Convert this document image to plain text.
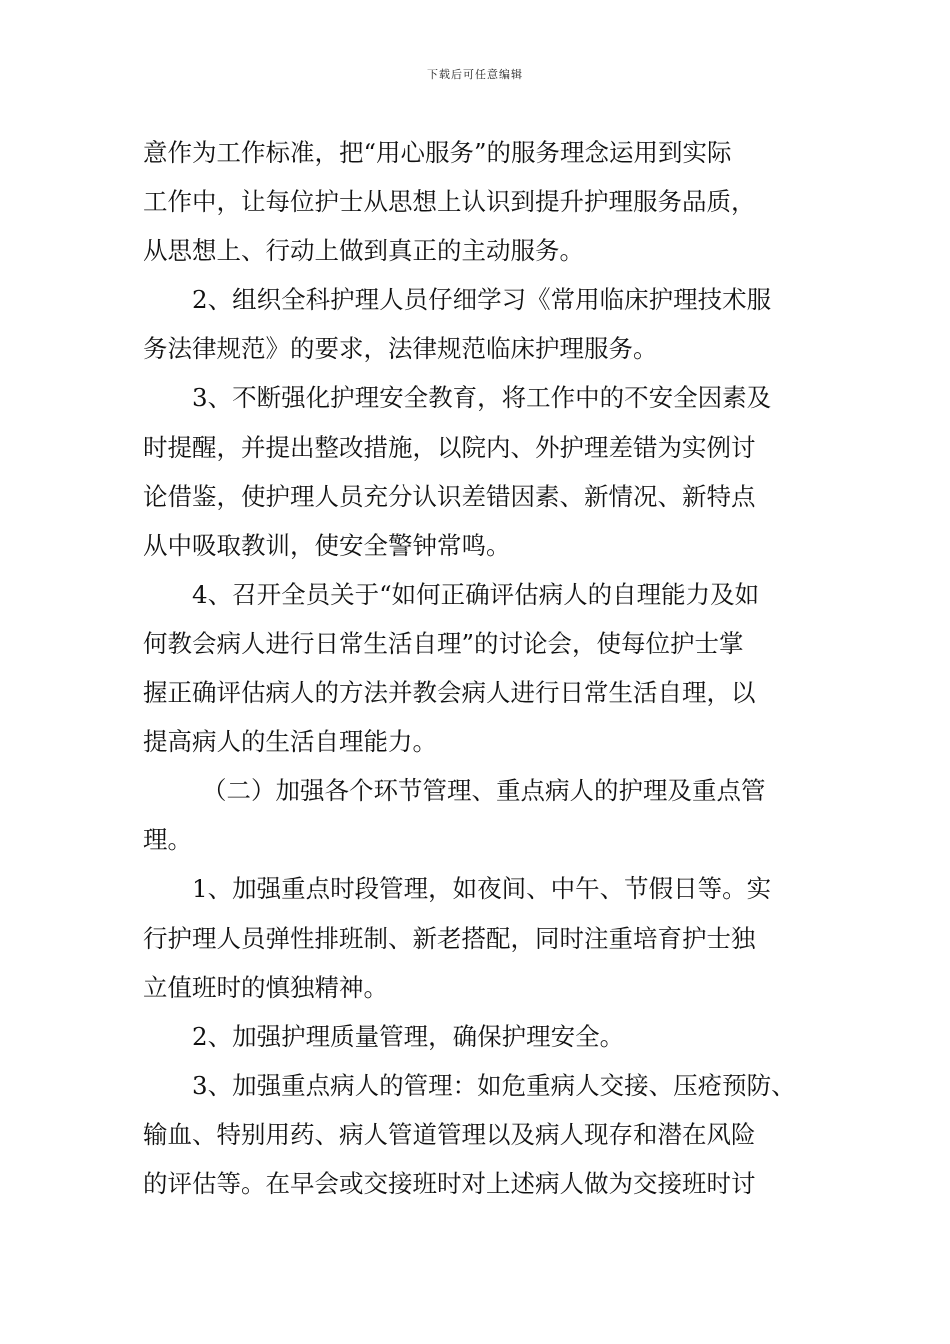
下载后可任意编辑
意作为工作标准，把“用心服务”的服务理念运用到实际
工作中，让每位护士从思想上认识到提升护理服务品质，
从思想上、行动上做到真正的主动服务。
2、组织全科护理人员仔细学习《常用临床护理技术服
务法律规范》的要求，法律规范临床护理服务。
3、不断强化护理安全教育，将工作中的不安全因素及
时提醒，并提出整改措施，以院内、外护理差错为实例讨
论借鉴，使护理人员充分认识差错因素、新情况、新特点
从中吸取教训，使安全警钟常鸣。
4、召开全员关于“如何正确评估病人的自理能力及如
何教会病人进行日常生活自理”的讨论会，使每位护士掌
握正确评估病人的方法并教会病人进行日常生活自理，以
提高病人的生活自理能力。
（二）加强各个环节管理、重点病人的护理及重点管
理。
1、加强重点时段管理，如夜间、中午、节假日等。实
行护理人员弹性排班制、新老搭配，同时注重培育护士独
立值班时的慎独精神。
2、加强护理质量管理，确保护理安全。
3、加强重点病人的管理：如危重病人交接、压疮预防、
输血、特别用药、病人管道管理以及病人现存和潜在风险
的评估等。在早会或交接班时对上述病人做为交接班时讨
